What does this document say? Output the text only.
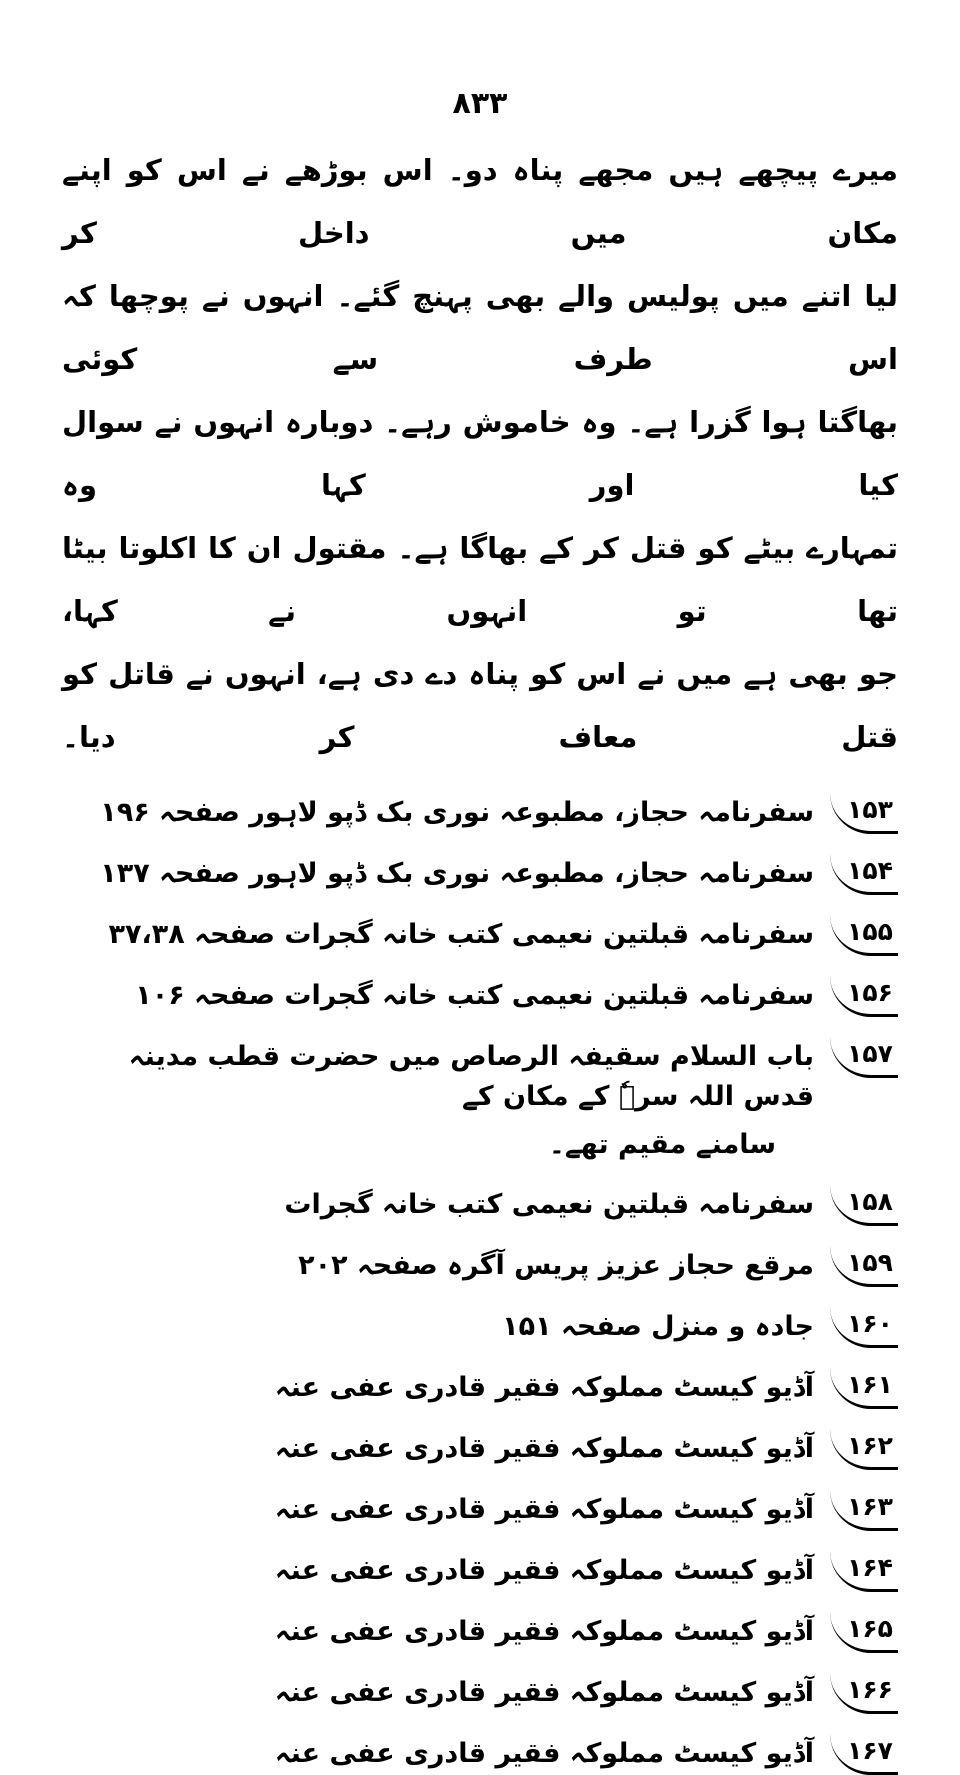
۸۳۳
میرے پیچھے ہیں مجھے پناہ دو۔ اس بوڑھے نے اس کو اپنے مکان میں داخل کر
لیا اتنے میں پولیس والے بھی پہنچ گئے۔ انہوں نے پوچھا کہ اس طرف سے کوئی
بھاگتا ہوا گزرا ہے۔ وہ خاموش رہے۔ دوبارہ انہوں نے سوال کیا اور کہا وہ
تمہارے بیٹے کو قتل کر کے بھاگا ہے۔ مقتول ان کا اکلوتا بیٹا تھا تو انہوں نے کہا،
جو بھی ہے میں نے اس کو پناہ دے دی ہے، انہوں نے قاتل کو قتل معاف کر دیا۔
۱۵۳
سفرنامہ حجاز، مطبوعہ نوری بک ڈپو لاہور صفحہ ۱۹۶
۱۵۴
سفرنامہ حجاز، مطبوعہ نوری بک ڈپو لاہور صفحہ ۱۳۷
۱۵۵
سفرنامہ قبلتین نعیمی کتب خانہ گجرات صفحہ ۳۷،۳۸
۱۵۶
سفرنامہ قبلتین نعیمی کتب خانہ گجرات صفحہ ۱۰۶
۱۵۷
باب السلام سقیفہ الرصاص میں حضرت قطب مدینہ قدس اللہ سرہٗ کے مکان کے
سامنے مقیم تھے۔
۱۵۸
سفرنامہ قبلتین نعیمی کتب خانہ گجرات
۱۵۹
مرقع حجاز عزیز پریس آگرہ صفحہ ۲۰۲
۱۶۰
جادہ و منزل صفحہ ۱۵۱
۱۶۱
آڈیو کیسٹ مملوکہ فقیر قادری عفی عنہ
۱۶۲
آڈیو کیسٹ مملوکہ فقیر قادری عفی عنہ
۱۶۳
آڈیو کیسٹ مملوکہ فقیر قادری عفی عنہ
۱۶۴
آڈیو کیسٹ مملوکہ فقیر قادری عفی عنہ
۱۶۵
آڈیو کیسٹ مملوکہ فقیر قادری عفی عنہ
۱۶۶
آڈیو کیسٹ مملوکہ فقیر قادری عفی عنہ
۱۶۷
آڈیو کیسٹ مملوکہ فقیر قادری عفی عنہ
